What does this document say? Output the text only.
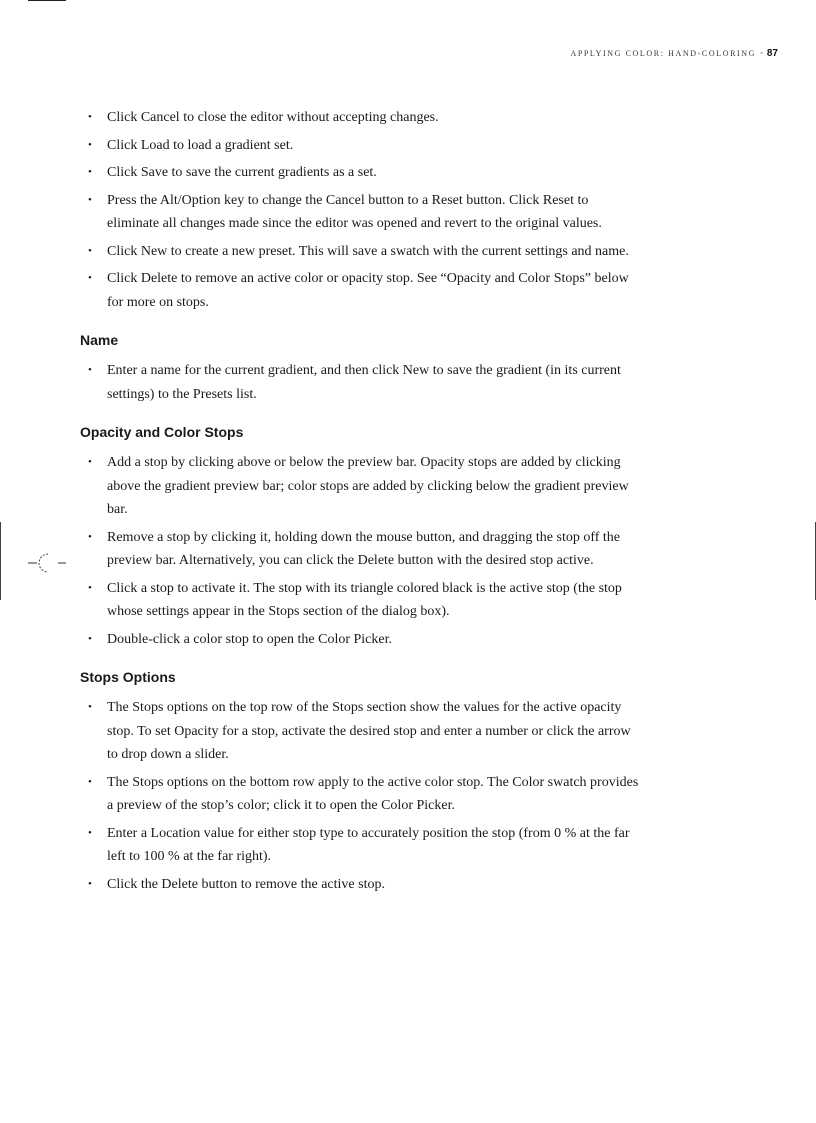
APPLYING COLOR: HAND-COLORING • 87
• Click Cancel to close the editor without accepting changes.
• Click Load to load a gradient set.
• Click Save to save the current gradients as a set.
• Press the Alt/Option key to change the Cancel button to a Reset button. Click Reset to eliminate all changes made since the editor was opened and revert to the original values.
• Click New to create a new preset. This will save a swatch with the current settings and name.
• Click Delete to remove an active color or opacity stop. See “Opacity and Color Stops” below for more on stops.
Name
• Enter a name for the current gradient, and then click New to save the gradient (in its current settings) to the Presets list.
Opacity and Color Stops
• Add a stop by clicking above or below the preview bar. Opacity stops are added by clicking above the gradient preview bar; color stops are added by clicking below the gradient preview bar.
• Remove a stop by clicking it, holding down the mouse button, and dragging the stop off the preview bar. Alternatively, you can click the Delete button with the desired stop active.
• Click a stop to activate it. The stop with its triangle colored black is the active stop (the stop whose settings appear in the Stops section of the dialog box).
• Double-click a color stop to open the Color Picker.
Stops Options
• The Stops options on the top row of the Stops section show the values for the active opacity stop. To set Opacity for a stop, activate the desired stop and enter a number or click the arrow to drop down a slider.
• The Stops options on the bottom row apply to the active color stop. The Color swatch provides a preview of the stop’s color; click it to open the Color Picker.
• Enter a Location value for either stop type to accurately position the stop (from 0 % at the far left to 100 % at the far right).
• Click the Delete button to remove the active stop.
